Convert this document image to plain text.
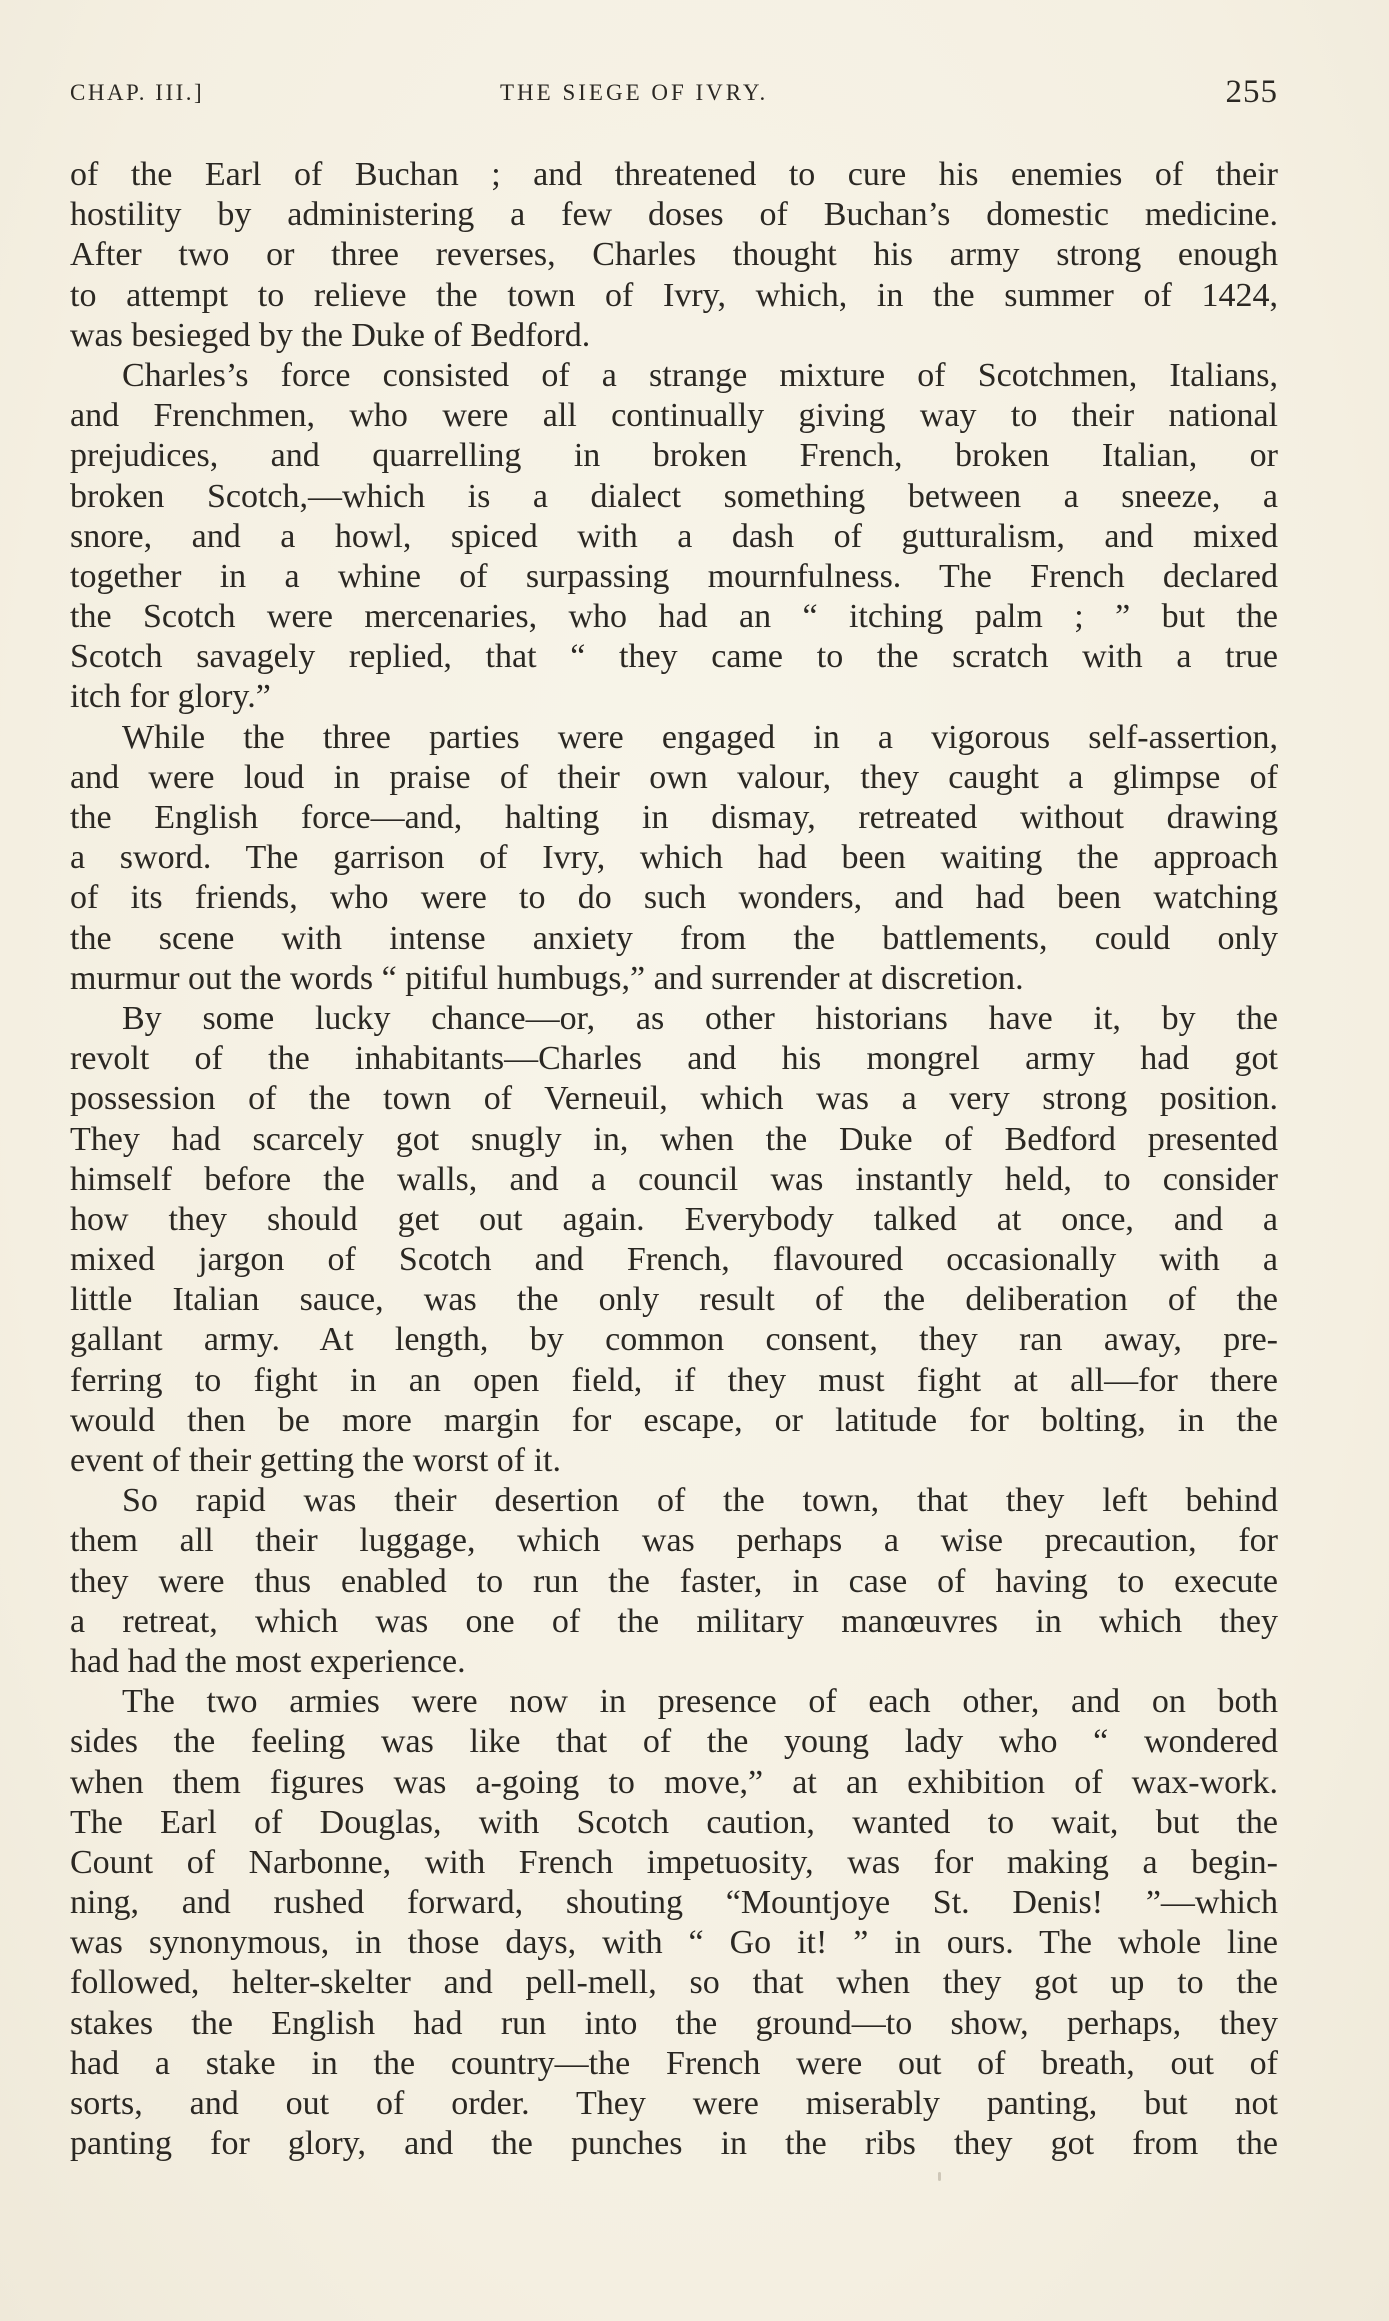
CHAP. III.]	THE SIEGE OF IVRY.	255
of the Earl of Buchan ; and threatened to cure his enemies of their
hostility by administering a few doses of Buchan’s domestic medicine.
After two or three reverses, Charles thought his army strong enough
to attempt to relieve the town of Ivry, which, in the summer of 1424,
was besieged by the Duke of Bedford.
Charles’s force consisted of a strange mixture of Scotchmen, Italians,
and Frenchmen, who were all continually giving way to their national
prejudices, and quarrelling in broken French, broken Italian, or
broken Scotch,—which is a dialect something between a sneeze, a
snore, and a howl, spiced with a dash of gutturalism, and mixed
together in a whine of surpassing mournfulness. The French declared
the Scotch were mercenaries, who had an “ itching palm ; ” but the
Scotch savagely replied, that “ they came to the scratch with a true
itch for glory.”
While the three parties were engaged in a vigorous self-assertion,
and were loud in praise of their own valour, they caught a glimpse of
the English force—and, halting in dismay, retreated without drawing
a sword. The garrison of Ivry, which had been waiting the approach
of its friends, who were to do such wonders, and had been watching
the scene with intense anxiety from the battlements, could only
murmur out the words “ pitiful humbugs,” and surrender at discretion.
By some lucky chance—or, as other historians have it, by the
revolt of the inhabitants—Charles and his mongrel army had got
possession of the town of Verneuil, which was a very strong position.
They had scarcely got snugly in, when the Duke of Bedford presented
himself before the walls, and a council was instantly held, to consider
how they should get out again. Everybody talked at once, and a
mixed jargon of Scotch and French, flavoured occasionally with a
little Italian sauce, was the only result of the deliberation of the
gallant army. At length, by common consent, they ran away, pre-
ferring to fight in an open field, if they must fight at all—for there
would then be more margin for escape, or latitude for bolting, in the
event of their getting the worst of it.
So rapid was their desertion of the town, that they left behind
them all their luggage, which was perhaps a wise precaution, for
they were thus enabled to run the faster, in case of having to execute
a retreat, which was one of the military manœuvres in which they
had had the most experience.
The two armies were now in presence of each other, and on both
sides the feeling was like that of the young lady who “ wondered
when them figures was a-going to move,” at an exhibition of wax-work.
The Earl of Douglas, with Scotch caution, wanted to wait, but the
Count of Narbonne, with French impetuosity, was for making a begin-
ning, and rushed forward, shouting “Mountjoye St. Denis! ”—which
was synonymous, in those days, with “ Go it! ” in ours. The whole line
followed, helter-skelter and pell-mell, so that when they got up to the
stakes the English had run into the ground—to show, perhaps, they
had a stake in the country—the French were out of breath, out of
sorts, and out of order. They were miserably panting, but not
panting for glory, and the punches in the ribs they got from the
